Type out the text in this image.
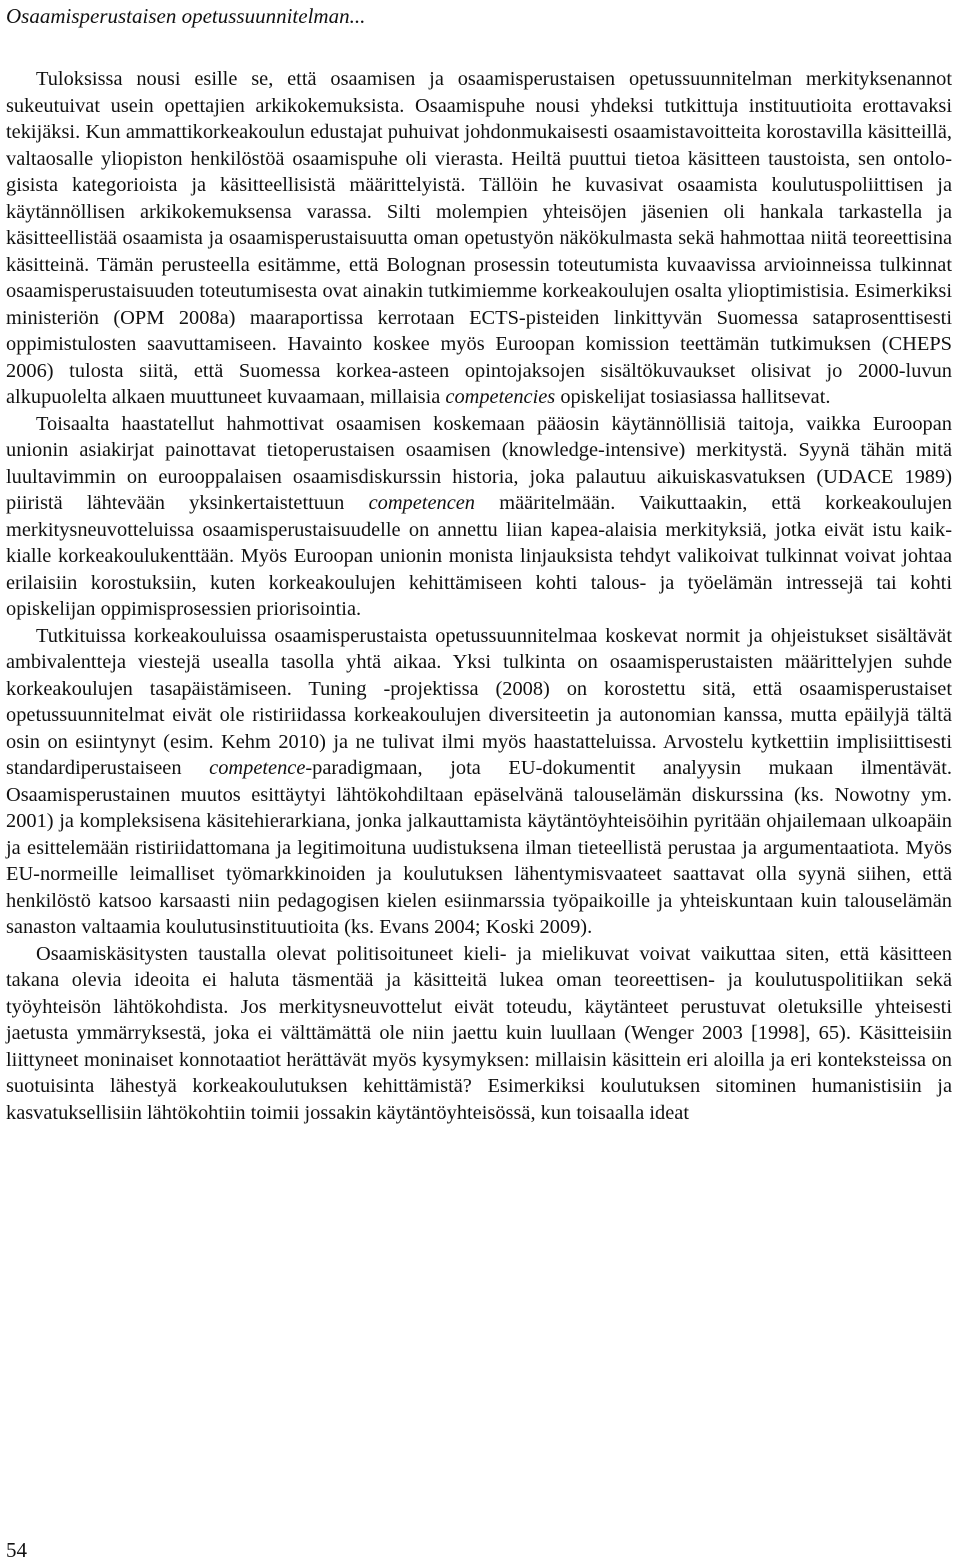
Osaamisperustaisen opetussuunnitelman...

Tuloksissa nousi esille se, että osaamisen ja osaamisperustaisen opetussuunnitelman merkityksenannot sukeutuivat usein opettajien arkikokemuksista. Osaamispuhe nousi yhdeksi tutkittuja instituutioita erottavaksi tekijäksi. Kun ammattikorkeakoulun edustajat puhuivat johdonmukaisesti osaamistavoitteita korostavilla käsitteillä, valtaosalle yliopiston henkilöstöä osaamispuhe oli vierasta. Heiltä puuttui tietoa käsitteen taustoista, sen ontologisista kategorioista ja käsitteellisistä määrittelyistä. Tällöin he kuvasivat osaamista koulutuspoliittisen ja käytännöllisen arkikokemuksensa varassa. Silti molempien yhteisöjen jäsenien oli hankala tarkastella ja käsitteellistää osaamista ja osaamisperustaisuutta oman opetustyön näkökulmasta sekä hahmottaa niitä teoreettisina käsitteinä. Tämän perusteella esitämme, että Bolognan prosessin toteutumista kuvaavissa arvioinneissa tulkinnat osaamisperustaisuuden toteutumisesta ovat ainakin tutkimiemme korkeakoulujen osalta ylioptimistisia. Esimerkiksi ministeriön (OPM 2008a) maaraportissa kerrotaan ECTS-pisteiden linkittyvän Suomessa sataprosenttisesti oppimistulosten saavuttamiseen. Havainto koskee myös Euroopan komission teettämän tutkimuksen (CHEPS 2006) tulosta siitä, että Suomessa korkea-asteen opintojaksojen sisältökuvaukset olisivat jo 2000-luvun alkupuolelta alkaen muuttuneet kuvaamaan, millaisia competencies opiskelijat tosiasiassa hallitsevat.

Toisaalta haastatellut hahmottivat osaamisen koskemaan pääosin käytännöllisiä taitoja, vaikka Euroopan unionin asiakirjat painottavat tietoperustaisen osaamisen (knowledge-intensive) merkitystä. Syynä tähän mitä luultavimmin on eurooppalaisen osaamisdiskurssin historia, joka palautuu aikuiskasvatuksen (UDACE 1989) piiristä lähtevään yksinkertaistettuun competencen määritelmään. Vaikuttaakin, että korkeakoulujen merkitysneuvotteluissa osaamisperustaisuudelle on annettu liian kapea-alaisia merkityksiä, jotka eivät istu kaikkialle korkeakoulukenttään. Myös Euroopan unionin monista linjauksista tehdyt valikoivat tulkinnat voivat johtaa erilaisiin korostuksiin, kuten korkeakoulujen kehittämiseen kohti talous- ja työelämän intressejä tai kohti opiskelijan oppimisprosessien priorisointia.

Tutkituissa korkeakouluissa osaamisperustaista opetussuunnitelmaa koskevat normit ja ohjeistukset sisältävät ambivalentteja viestejä usealla tasolla yhtä aikaa. Yksi tulkinta on osaamisperustaisten määrittelyjen suhde korkeakoulujen tasapäistämiseen. Tuning -projektissa (2008) on korostettu sitä, että osaamisperustaiset opetussuunnitelmat eivät ole ristiriidassa korkeakoulujen diversiteetin ja autonomian kanssa, mutta epäilyjä tältä osin on esiintynyt (esim. Kehm 2010) ja ne tulivat ilmi myös haastatteluissa. Arvostelu kytkettiin implisiittisesti standardiperustaiseen competence-paradigmaan, jota EU-dokumentit analyysin mukaan ilmentävät. Osaamisperustainen muutos esittäytyi lähtökohdiltaan epäselvänä talouselämän diskurssina (ks. Nowotny ym. 2001) ja kompleksisena käsitehierarkiana, jonka jalkauttamista käytäntöyhteisöihin pyritään ohjailemaan ulkoapäin ja esittelemään ristiriidattomana ja legitimoituna uudistuksena ilman tieteellistä perustaa ja argumentaatiota. Myös EU-normeille leimalliset työmarkkinoiden ja koulutuksen lähentymisvaateet saattavat olla syynä siihen, että henkilöstö katsoo karsaasti niin pedagogisen kielen esiinmarssia työpaikoille ja yhteiskuntaan kuin talouselämän sanaston valtaamia koulutusinstituutioita (ks. Evans 2004; Koski 2009).

Osaamiskäsitysten taustalla olevat politisoituneet kieli- ja mielikuvat voivat vaikuttaa siten, että käsitteen takana olevia ideoita ei haluta täsmentää ja käsitteitä lukea oman teoreettisen- ja koulutuspolitiikan sekä työyhteisön lähtökohdista. Jos merkitysneuvottelut eivät toteudu, käytänteet perustuvat oletuksille yhteisesti jaetusta ymmärryksestä, joka ei välttämättä ole niin jaettu kuin luullaan (Wenger 2003 [1998], 65). Käsitteisiin liittyneet moninaiset konnotaatiot herättävät myös kysymyksen: millaisin käsittein eri aloilla ja eri konteksteissa on suotuisinta lähestyä korkeakoulutuksen kehittämistä? Esimerkiksi koulutuksen sitominen humanistisiin ja kasvatuksellisiin lähtökohtiin toimii jossakin käytäntöyhteisössä, kun toisaalla ideat

54
